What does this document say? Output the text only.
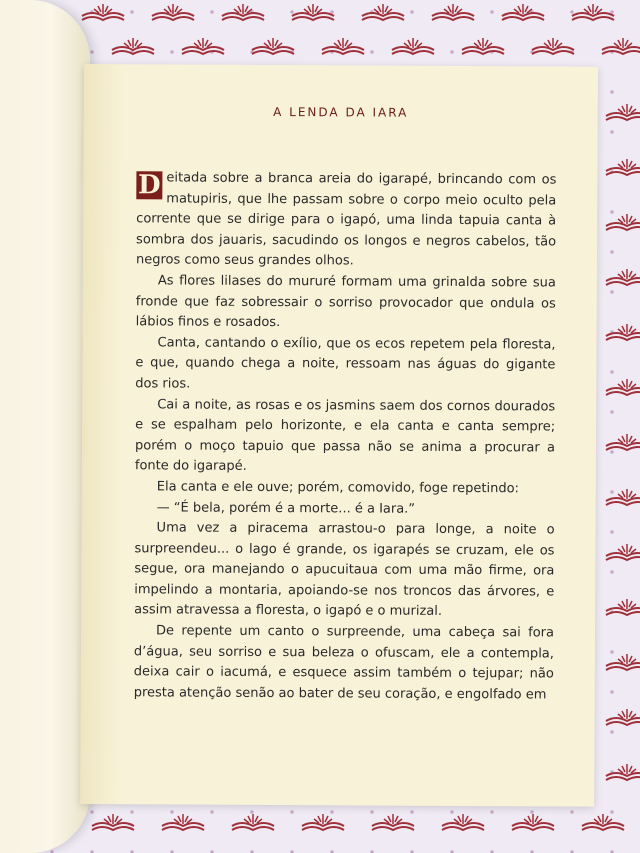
A LENDA DA IARA

D eitada sobre a branca areia do igarapé, brincando com os matupiris, que lhe passam sobre o corpo meio oculto pela corrente que se dirige para o igapó, uma linda tapuia canta à sombra dos jauaris, sacudindo os longos e negros cabelos, tão negros como seus grandes olhos.

As flores lilases do mururé formam uma grinalda sobre sua fronde que faz sobressair o sorriso provocador que ondula os lábios finos e rosados.

Canta, cantando o exílio, que os ecos repetem pela floresta, e que, quando chega a noite, ressoam nas águas do gigante dos rios.

Cai a noite, as rosas e os jasmins saem dos cornos dourados e se espalham pelo horizonte, e ela canta e canta sempre; porém o moço tapuio que passa não se anima a procurar a fonte do igarapé.

Ela canta e ele ouve; porém, comovido, foge repetindo:

— “É bela, porém é a morte... é a Iara.”

Uma vez a piracema arrastou-o para longe, a noite o surpreendeu... o lago é grande, os igarapés se cruzam, ele os segue, ora manejando o apucuitaua com uma mão firme, ora impelindo a montaria, apoiando-se nos troncos das árvores, e assim atravessa a floresta, o igapó e o murizal.

De repente um canto o surpreende, uma cabeça sai fora d’água, seu sorriso e sua beleza o ofuscam, ele a contempla, deixa cair o iacumá, e esquece assim também o tejupar; não presta atenção senão ao bater de seu coração, e engolfado em
